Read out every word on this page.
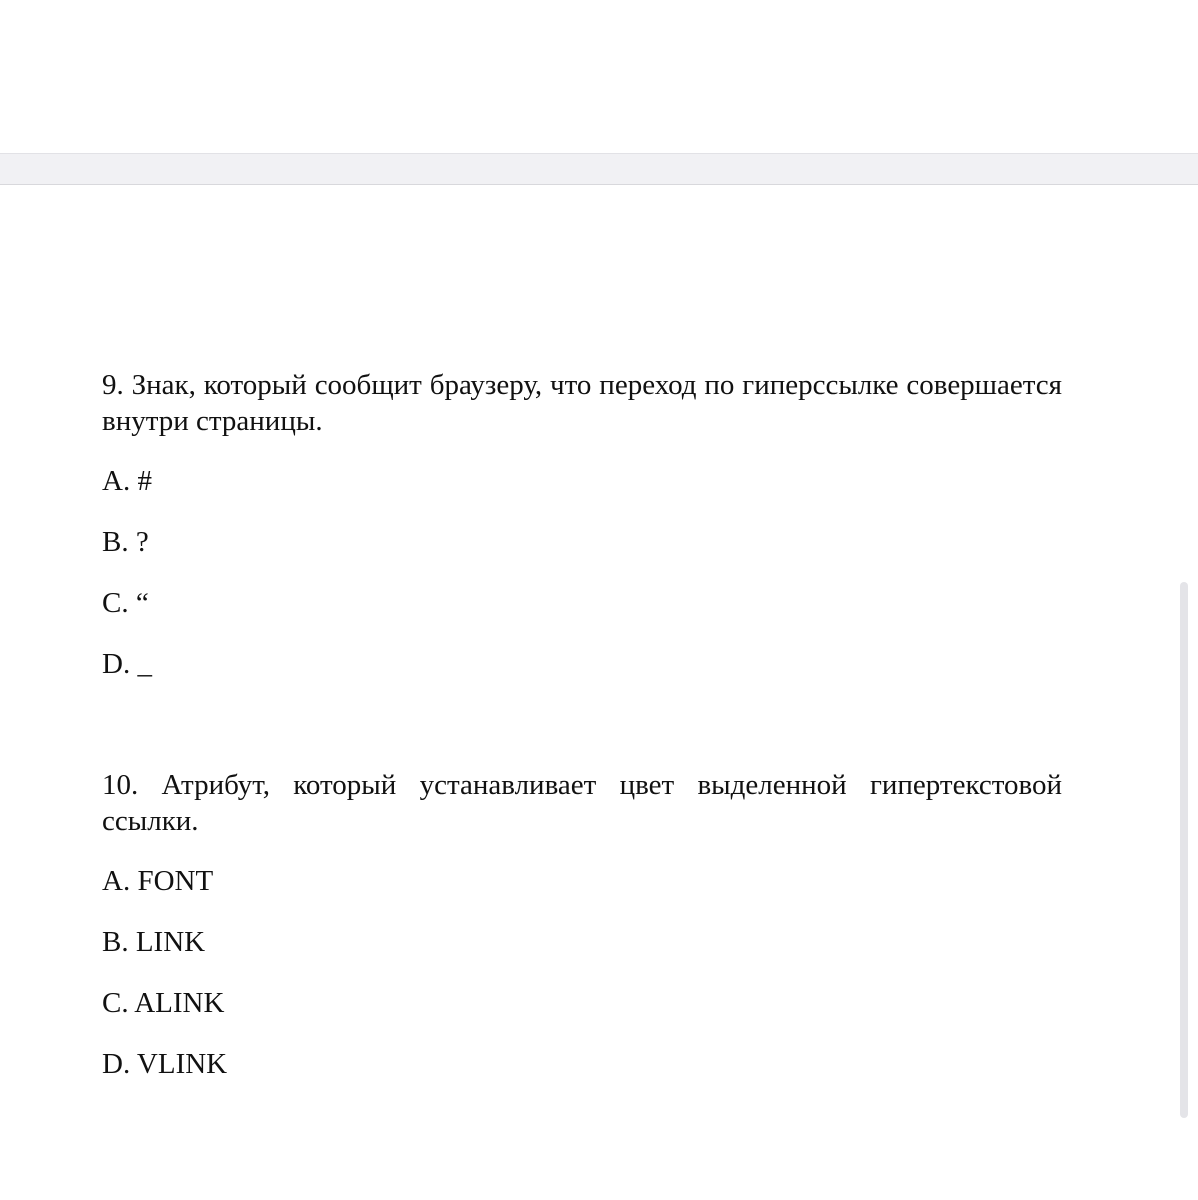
9. Знак, который сообщит браузеру, что переход по гиперссылке совершается внутри страницы.

A. #
B. ?
C. “
D. _

10. Атрибут, который устанавливает цвет выделенной гипертекстовой ссылки.

A. FONT
B. LINK
C. ALINK
D. VLINK
